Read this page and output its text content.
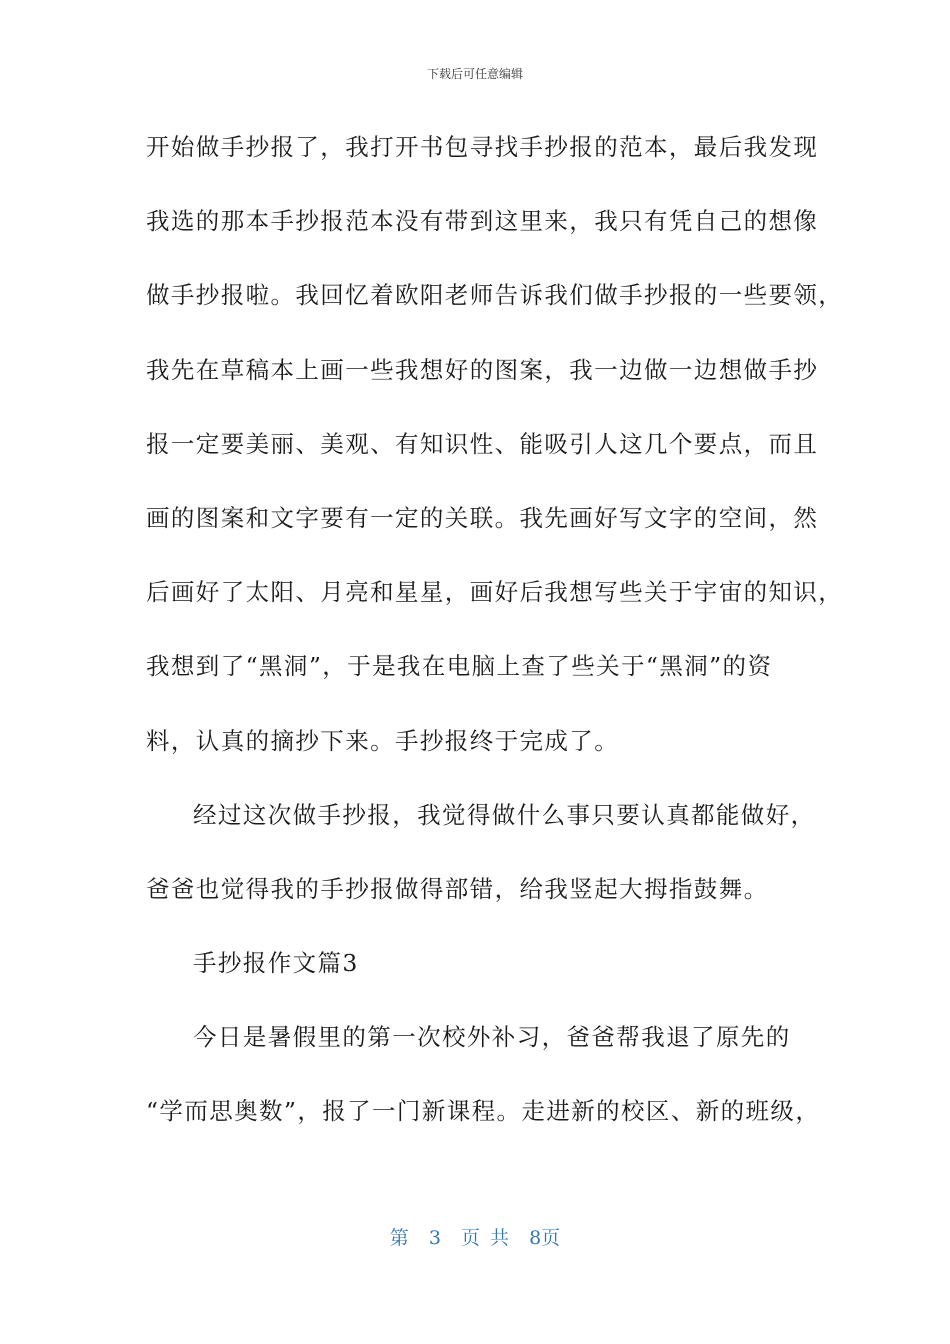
下载后可任意编辑
开始做手抄报了，我打开书包寻找手抄报的范本，最后我发现
我选的那本手抄报范本没有带到这里来，我只有凭自己的想像
做手抄报啦。我回忆着欧阳老师告诉我们做手抄报的一些要领，
我先在草稿本上画一些我想好的图案，我一边做一边想做手抄
报一定要美丽、美观、有知识性、能吸引人这几个要点，而且
画的图案和文字要有一定的关联。我先画好写文字的空间，然
后画好了太阳、月亮和星星，画好后我想写些关于宇宙的知识，
我想到了“黑洞”，于是我在电脑上查了些关于“黑洞”的资
料，认真的摘抄下来。手抄报终于完成了。
经过这次做手抄报，我觉得做什么事只要认真都能做好，
爸爸也觉得我的手抄报做得部错，给我竖起大拇指鼓舞。
手抄报作文篇3
今日是暑假里的第一次校外补习，爸爸帮我退了原先的
“学而思奥数”，报了一门新课程。走进新的校区、新的班级，
第 3 页 共 8页
